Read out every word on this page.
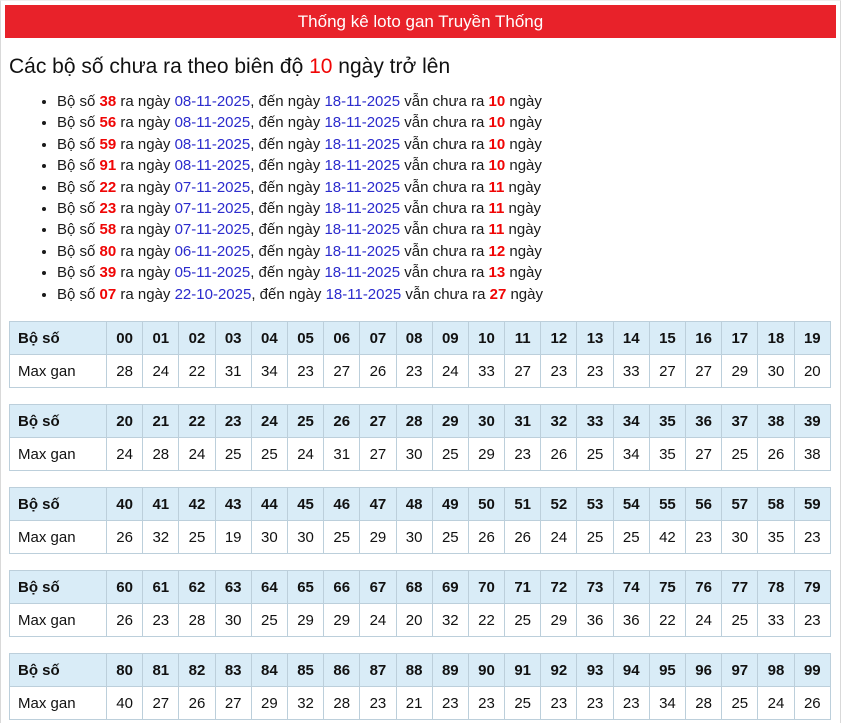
Thống kê loto gan Truyền Thống
Các bộ số chưa ra theo biên độ 10 ngày trở lên
• Bộ số 38 ra ngày 08-11-2025, đến ngày 18-11-2025 vẫn chưa ra 10 ngày
• Bộ số 56 ra ngày 08-11-2025, đến ngày 18-11-2025 vẫn chưa ra 10 ngày
• Bộ số 59 ra ngày 08-11-2025, đến ngày 18-11-2025 vẫn chưa ra 10 ngày
• Bộ số 91 ra ngày 08-11-2025, đến ngày 18-11-2025 vẫn chưa ra 10 ngày
• Bộ số 22 ra ngày 07-11-2025, đến ngày 18-11-2025 vẫn chưa ra 11 ngày
• Bộ số 23 ra ngày 07-11-2025, đến ngày 18-11-2025 vẫn chưa ra 11 ngày
• Bộ số 58 ra ngày 07-11-2025, đến ngày 18-11-2025 vẫn chưa ra 11 ngày
• Bộ số 80 ra ngày 06-11-2025, đến ngày 18-11-2025 vẫn chưa ra 12 ngày
• Bộ số 39 ra ngày 05-11-2025, đến ngày 18-11-2025 vẫn chưa ra 13 ngày
• Bộ số 07 ra ngày 22-10-2025, đến ngày 18-11-2025 vẫn chưa ra 27 ngày
Bộ số	00	01	02	03	04	05	06	07	08	09	10	11	12	13	14	15	16	17	18	19
Max gan	28	24	22	31	34	23	27	26	23	24	33	27	23	23	33	27	27	29	30	20
Bộ số	20	21	22	23	24	25	26	27	28	29	30	31	32	33	34	35	36	37	38	39
Max gan	24	28	24	25	25	24	31	27	30	25	29	23	26	25	34	35	27	25	26	38
Bộ số	40	41	42	43	44	45	46	47	48	49	50	51	52	53	54	55	56	57	58	59
Max gan	26	32	25	19	30	30	25	29	30	25	26	26	24	25	25	42	23	30	35	23
Bộ số	60	61	62	63	64	65	66	67	68	69	70	71	72	73	74	75	76	77	78	79
Max gan	26	23	28	30	25	29	29	24	20	32	22	25	29	36	36	22	24	25	33	23
Bộ số	80	81	82	83	84	85	86	87	88	89	90	91	92	93	94	95	96	97	98	99
Max gan	40	27	26	27	29	32	28	23	21	23	23	25	23	23	23	34	28	25	24	26
